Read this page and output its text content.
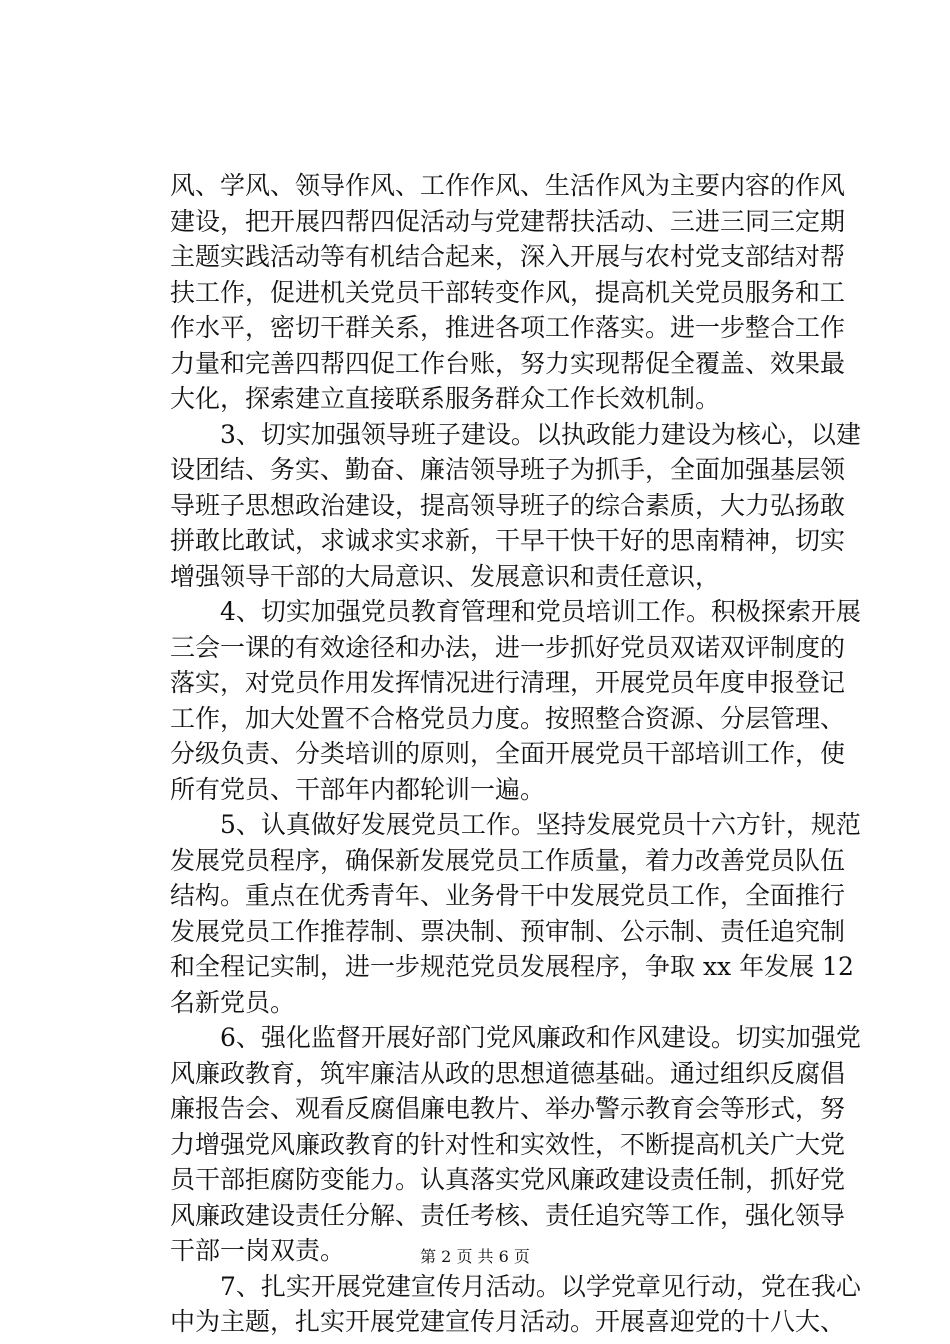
风、学风、领导作风、工作作风、生活作风为主要内容的作风
建设，把开展四帮四促活动与党建帮扶活动、三进三同三定期
主题实践活动等有机结合起来，深入开展与农村党支部结对帮
扶工作，促进机关党员干部转变作风，提高机关党员服务和工
作水平，密切干群关系，推进各项工作落实。进一步整合工作
力量和完善四帮四促工作台账，努力实现帮促全覆盖、效果最
大化，探索建立直接联系服务群众工作长效机制。
　　3、切实加强领导班子建设。以执政能力建设为核心，以建
设团结、务实、勤奋、廉洁领导班子为抓手，全面加强基层领
导班子思想政治建设，提高领导班子的综合素质，大力弘扬敢
拼敢比敢试，求诚求实求新，干早干快干好的思南精神，切实
增强领导干部的大局意识、发展意识和责任意识，
　　4、切实加强党员教育管理和党员培训工作。积极探索开展
三会一课的有效途径和办法，进一步抓好党员双诺双评制度的
落实，对党员作用发挥情况进行清理，开展党员年度申报登记
工作，加大处置不合格党员力度。按照整合资源、分层管理、
分级负责、分类培训的原则，全面开展党员干部培训工作，使
所有党员、干部年内都轮训一遍。
　　5、认真做好发展党员工作。坚持发展党员十六方针，规范
发展党员程序，确保新发展党员工作质量，着力改善党员队伍
结构。重点在优秀青年、业务骨干中发展党员工作，全面推行
发展党员工作推荐制、票决制、预审制、公示制、责任追究制
和全程记实制，进一步规范党员发展程序，争取 xx 年发展 12
名新党员。
　　6、强化监督开展好部门党风廉政和作风建设。切实加强党
风廉政教育，筑牢廉洁从政的思想道德基础。通过组织反腐倡
廉报告会、观看反腐倡廉电教片、举办警示教育会等形式，努
力增强党风廉政教育的针对性和实效性，不断提高机关广大党
员干部拒腐防变能力。认真落实党风廉政建设责任制，抓好党
风廉政建设责任分解、责任考核、责任追究等工作，强化领导
干部一岗双责。
　　7、扎实开展党建宣传月活动。以学党章见行动，党在我心
中为主题，扎实开展党建宣传月活动。开展喜迎党的十八大、
第 2 页 共 6 页
